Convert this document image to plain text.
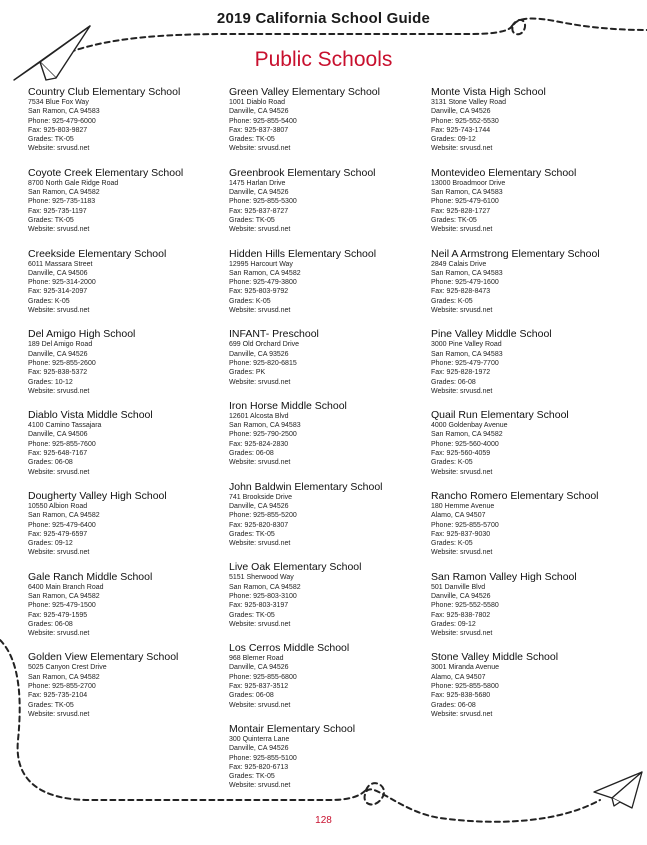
2019 California School Guide
Public Schools
Country Club Elementary School
7534 Blue Fox Way
San Ramon, CA 94583
Phone: 925-479-6000
Fax: 925-803-9827
Grades: TK-05
Website: srvusd.net
Coyote Creek Elementary School
8700 North Gale Ridge Road
San Ramon, CA 94582
Phone: 925-735-1183
Fax: 925-735-1197
Grades: TK-05
Website: srvusd.net
Creekside Elementary School
6011 Massara Street
Danville, CA 94506
Phone: 925-314-2000
Fax: 925-314-2097
Grades: K-05
Website: srvusd.net
Del Amigo High School
189 Del Amigo Road
Danville, CA 94526
Phone: 925-855-2600
Fax: 925-838-5372
Grades: 10-12
Website: srvusd.net
Diablo Vista Middle School
4100 Camino Tassajara
Danville, CA 94506
Phone: 925-855-7600
Fax: 925-648-7167
Grades: 06-08
Website: srvusd.net
Dougherty Valley High School
10550 Albion Road
San Ramon, CA 94582
Phone: 925-479-6400
Fax: 925-479-6597
Grades: 09-12
Website: srvusd.net
Gale Ranch Middle School
6400 Main Branch Road
San Ramon, CA 94582
Phone: 925-479-1500
Fax: 925-479-1595
Grades: 06-08
Website: srvusd.net
Golden View Elementary School
5025 Canyon Crest Drive
San Ramon, CA 94582
Phone: 925-855-2700
Fax: 925-735-2104
Grades: TK-05
Website: srvusd.net
Green Valley Elementary School
1001 Diablo Road
Danville, CA 94526
Phone: 925-855-5400
Fax: 925-837-3807
Grades: TK-05
Website: srvusd.net
Greenbrook Elementary School
1475 Harlan Drive
Danville, CA 94526
Phone: 925-855-5300
Fax: 925-837-8727
Grades: TK-05
Website: srvusd.net
Hidden Hills Elementary School
12995 Harcourt Way
San Ramon, CA 94582
Phone: 925-479-3800
Fax: 925-803-9792
Grades: K-05
Website: srvusd.net
INFANT- Preschool
699 Old Orchard Drive
Danville, CA 93526
Phone: 925-820-6815
Grades: PK
Website: srvusd.net
Iron Horse Middle School
12601 Alcosta Blvd
San Ramon, CA 94583
Phone: 925-790-2500
Fax: 925-824-2830
Grades: 06-08
Website: srvusd.net
John Baldwin Elementary School
741 Brookside Drive
Danville, CA 94526
Phone: 925-855-5200
Fax: 925-820-8307
Grades: TK-05
Website: srvusd.net
Live Oak Elementary School
5151 Sherwood Way
San Ramon, CA 94582
Phone: 925-803-3100
Fax: 925-803-3197
Grades: TK-05
Website: srvusd.net
Los Cerros Middle School
968 Blemer Road
Danville, CA 94526
Phone: 925-855-6800
Fax: 925-837-3512
Grades: 06-08
Website: srvusd.net
Montair Elementary School
300 Quinterra Lane
Danville, CA 94526
Phone: 925-855-5100
Fax: 925-820-6713
Grades: TK-05
Website: srvusd.net
Monte Vista High School
3131 Stone Valley Road
Danville, CA 94526
Phone: 925-552-5530
Fax: 925-743-1744
Grades: 09-12
Website: srvusd.net
Montevideo Elementary School
13000 Broadmoor Drive
San Ramon, CA 94583
Phone: 925-479-6100
Fax: 925-828-1727
Grades: TK-05
Website: srvusd.net
Neil A Armstrong Elementary School
2849 Calais Drive
San Ramon, CA 94583
Phone: 925-479-1600
Fax: 925-828-8473
Grades: K-05
Website: srvusd.net
Pine Valley Middle School
3000 Pine Valley Road
San Ramon, CA 94583
Phone: 925-479-7700
Fax: 925-828-1972
Grades: 06-08
Website: srvusd.net
Quail Run Elementary School
4000 Goldenbay Avenue
San Ramon, CA 94582
Phone: 925-560-4000
Fax: 925-560-4059
Grades: K-05
Website: srvusd.net
Rancho Romero Elementary School
180 Hemme Avenue
Alamo, CA 94507
Phone: 925-855-5700
Fax: 925-837-9030
Grades: K-05
Website: srvusd.net
San Ramon Valley High School
501 Danville Blvd
Danville, CA 94526
Phone: 925-552-5580
Fax: 925-838-7802
Grades: 09-12
Website: srvusd.net
Stone Valley Middle School
3001 Miranda Avenue
Alamo, CA 94507
Phone: 925-855-5800
Fax: 925-838-5680
Grades: 06-08
Website: srvusd.net
128
